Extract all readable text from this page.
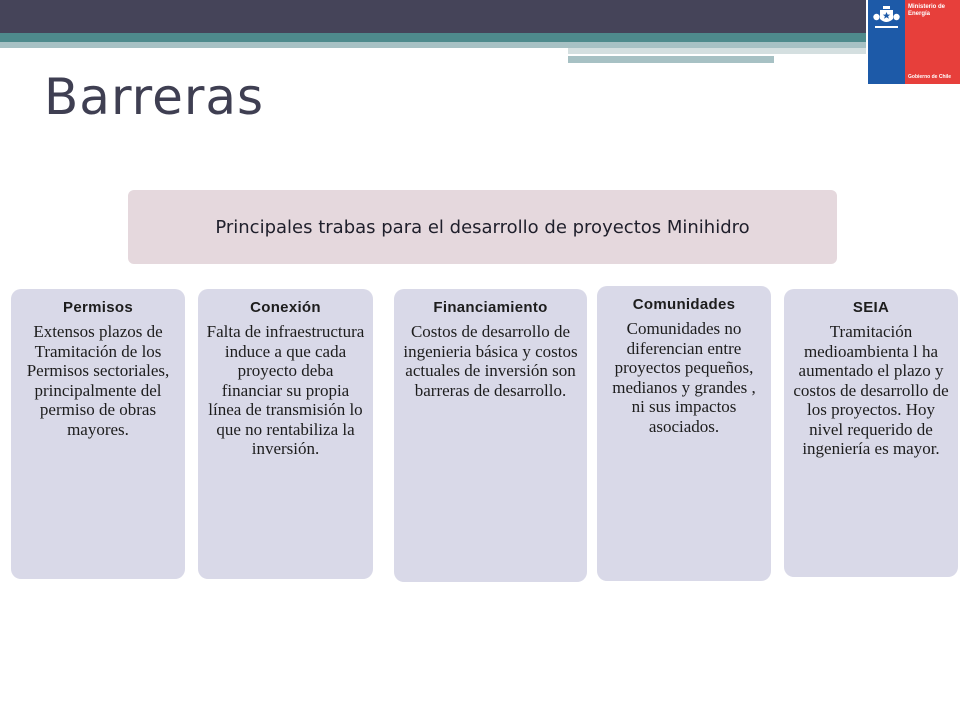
Ministerio de
Energía
Gobierno de Chile
Barreras
Principales trabas para el desarrollo de proyectos Minihidro
Permisos
Extensos plazos de Tramitación de los Permisos sectoriales, principalmente del permiso de obras mayores.
Conexión
Falta de infraestructura induce a que cada proyecto deba financiar su propia línea de transmisión lo que no rentabiliza la inversión.
Financiamiento
Costos de desarrollo de ingenieria básica y costos actuales de inversión son barreras de desarrollo.
Comunidades
Comunidades no diferencian entre proyectos pequeños, medianos y grandes , ni sus impactos asociados.
SEIA
Tramitación medioambienta l ha aumentado el plazo y costos de desarrollo de los proyectos. Hoy nivel requerido de ingeniería es mayor.
